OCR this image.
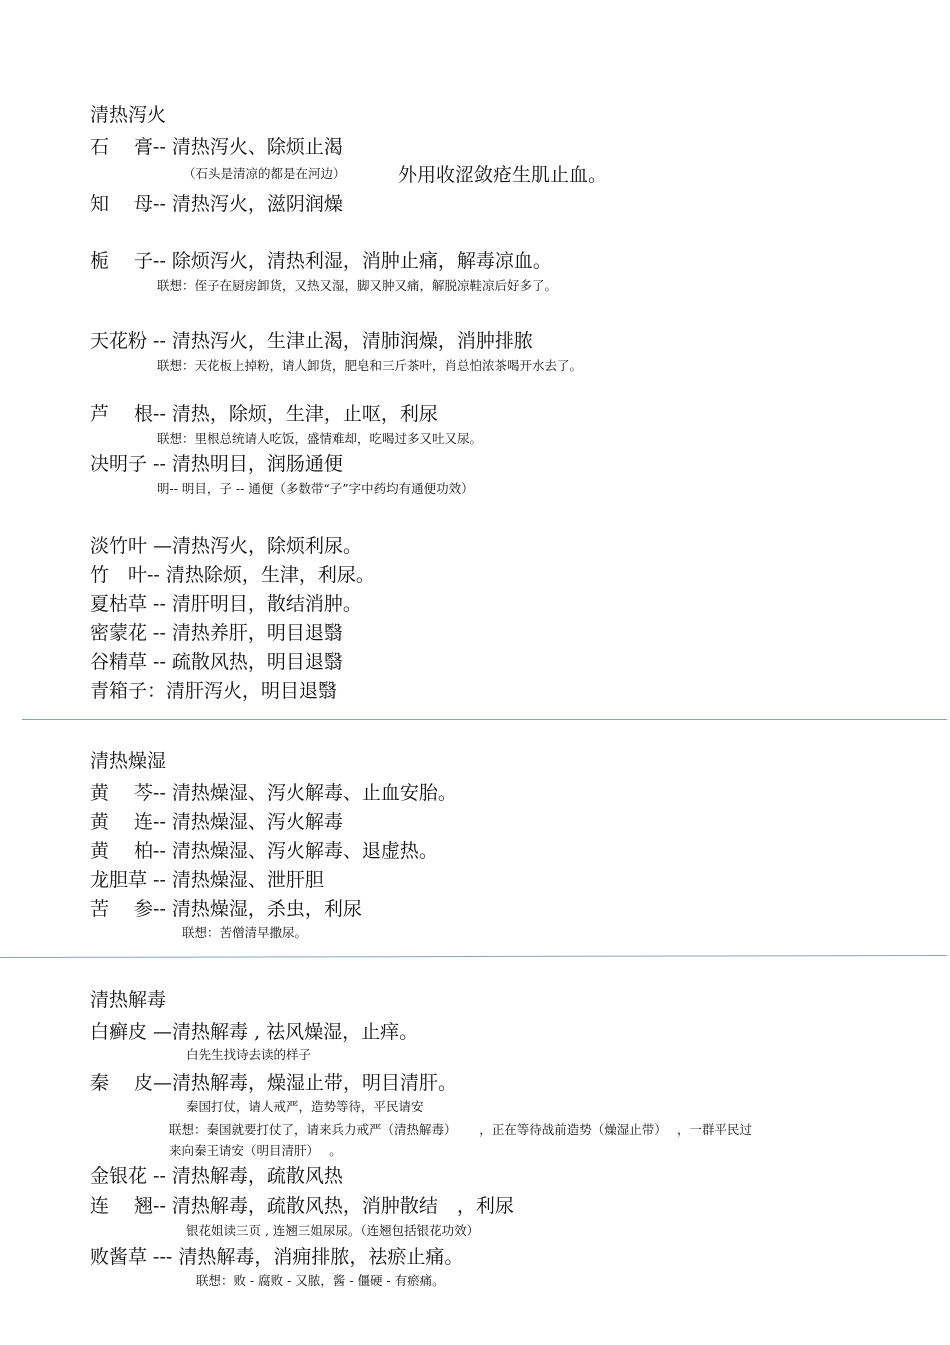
清热泻火
石　 膏-- 清热泻火、除烦止渴
（石头是清凉的都是在河边）	外用收涩敛疮生肌止血。
知　 母-- 清热泻火，滋阴润燥
栀　 子-- 除烦泻火，清热利湿，消肿止痛，解毒凉血。
联想：侄子在厨房卸货，又热又湿，脚又肿又痛，解脱凉鞋凉后好多了。
天花粉 -- 清热泻火，生津止渴，清肺润燥，消肿排脓
联想：天花板上掉粉，请人卸货，肥皂和三斤茶叶，肖总怕浓茶喝开水去了。
芦　 根-- 清热，除烦，生津，止呕，利尿
联想：里根总统请人吃饭，盛情难却，吃喝过多又吐又尿。
决明子 -- 清热明目，润肠通便
明-- 明目，子 -- 通便（多数带“子”字中药均有通便功效）
淡竹叶 —清热泻火，除烦利尿。
竹　叶-- 清热除烦，生津，利尿。
夏枯草 -- 清肝明目，散结消肿。
密蒙花 -- 清热养肝，明目退翳
谷精草 -- 疏散风热，明目退翳
青箱子：清肝泻火，明目退翳
清热燥湿
黄　 芩-- 清热燥湿、泻火解毒、止血安胎。
黄　 连-- 清热燥湿、泻火解毒
黄　 柏-- 清热燥湿、泻火解毒、退虚热。
龙胆草 -- 清热燥湿、泄肝胆
苦　 参-- 清热燥湿，杀虫，利尿
联想：苦僧清早撒尿。
清热解毒
白癣皮 —清热解毒 , 祛风燥湿，止痒。
白先生找诗去读的样子
秦　 皮—清热解毒，燥湿止带，明目清肝。
秦国打仗，请人戒严，造势等待，平民请安
联想：秦国就要打仗了，请来兵力戒严（清热解毒）　　 ，正在等待战前造势（燥湿止带）　 ，一群平民过
来向秦王请安（明目清肝）　 。
金银花 -- 清热解毒，疏散风热
连　 翘-- 清热解毒，疏散风热，消肿散结　，利尿
银花姐读三页 , 连翘三姐尿尿。（连翘包括银花功效）
败酱草 --- 清热解毒，消痈排脓，祛瘀止痛。
联想：败 - 腐败 - 又脓，酱 - 僵硬 - 有瘀痛。
